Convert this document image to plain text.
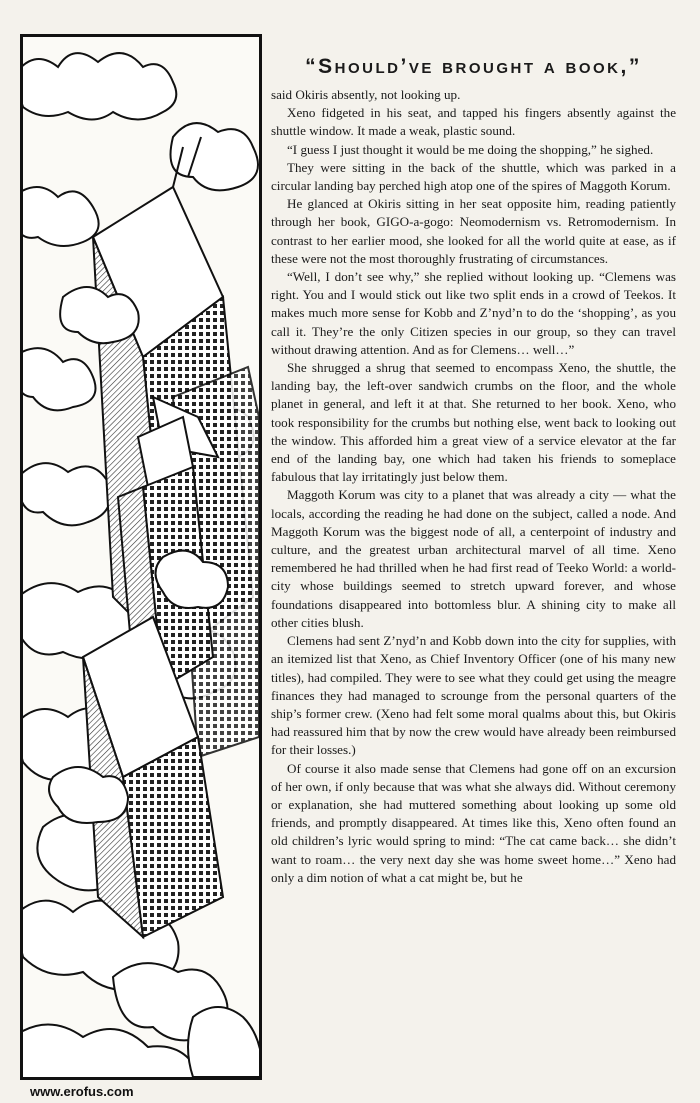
“Should’ve brought a book,”

said Okiris absently, not looking up.

Xeno fidgeted in his seat, and tapped his fingers absently against the shuttle window. It made a weak, plastic sound.

“I guess I just thought it would be me doing the shopping,” he sighed.

They were sitting in the back of the shuttle, which was parked in a circular landing bay perched high atop one of the spires of Maggoth Korum.

He glanced at Okiris sitting in her seat opposite him, reading patiently through her book, GIGO-a-gogo: Neomodernism vs. Retromodernism. In contrast to her earlier mood, she looked for all the world quite at ease, as if these were not the most thoroughly frustrating of circumstances.

“Well, I don’t see why,” she replied without looking up. “Clemens was right. You and I would stick out like two split ends in a crowd of Teekos. It makes much more sense for Kobb and Z’nyd’n to do the ‘shopping’, as you call it. They’re the only Citizen species in our group, so they can travel without drawing attention. And as for Clemens… well…”

She shrugged a shrug that seemed to encompass Xeno, the shuttle, the landing bay, the left-over sandwich crumbs on the floor, and the whole planet in general, and left it at that. She returned to her book. Xeno, who took responsibility for the crumbs but nothing else, went back to looking out the window. This afforded him a great view of a service elevator at the far end of the landing bay, one which had taken his friends to someplace fabulous that lay irritatingly just below them.

Maggoth Korum was city to a planet that was already a city — what the locals, according the reading he had done on the subject, called a node. And Maggoth Korum was the biggest node of all, a centerpoint of industry and culture, and the greatest urban architectural marvel of all time. Xeno remembered he had thrilled when he had first read of Teeko World: a world-city whose buildings seemed to stretch upward forever, and whose foundations disappeared into bottomless blur. A shining city to make all other cities blush.

Clemens had sent Z’nyd’n and Kobb down into the city for supplies, with an itemized list that Xeno, as Chief Inventory Officer (one of his many new titles), had compiled. They were to see what they could get using the meagre finances they had managed to scrounge from the personal quarters of the ship’s former crew. (Xeno had felt some moral qualms about this, but Okiris had reassured him that by now the crew would have already been reimbursed for their losses.)

Of course it also made sense that Clemens had gone off on an excursion of her own, if only because that was what she always did. Without ceremony or explanation, she had muttered something about looking up some old friends, and promptly disappeared. At times like this, Xeno often found an old children’s lyric would spring to mind: “The cat came back… she didn’t want to roam… the very next day she was home sweet home…” Xeno had only a dim notion of what a cat might be, but he

www.erofus.com
